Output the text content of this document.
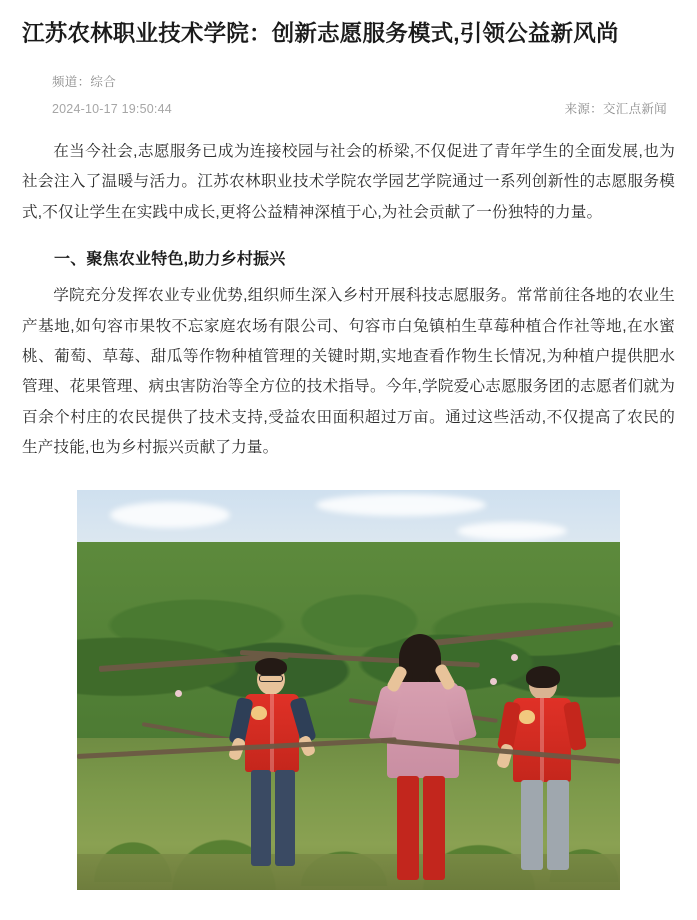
江苏农林职业技术学院：创新志愿服务模式,引领公益新风尚
频道：综合
2024-10-17 19:50:44	来源：交汇点新闻

在当今社会,志愿服务已成为连接校园与社会的桥梁,不仅促进了青年学生的全面发展,也为社会注入了温暖与活力。江苏农林职业技术学院农学园艺学院通过一系列创新性的志愿服务模式,不仅让学生在实践中成长,更将公益精神深植于心,为社会贡献了一份独特的力量。

一、聚焦农业特色,助力乡村振兴

学院充分发挥农业专业优势,组织师生深入乡村开展科技志愿服务。常常前往各地的农业生产基地,如句容市果牧不忘家庭农场有限公司、句容市白兔镇柏生草莓种植合作社等地,在水蜜桃、葡萄、草莓、甜瓜等作物种植管理的关键时期,实地查看作物生长情况,为种植户提供肥水管理、花果管理、病虫害防治等全方位的技术指导。今年,学院爱心志愿服务团的志愿者们就为百余个村庄的农民提供了技术支持,受益农田面积超过万亩。通过这些活动,不仅提高了农民的生产技能,也为乡村振兴贡献了力量。
